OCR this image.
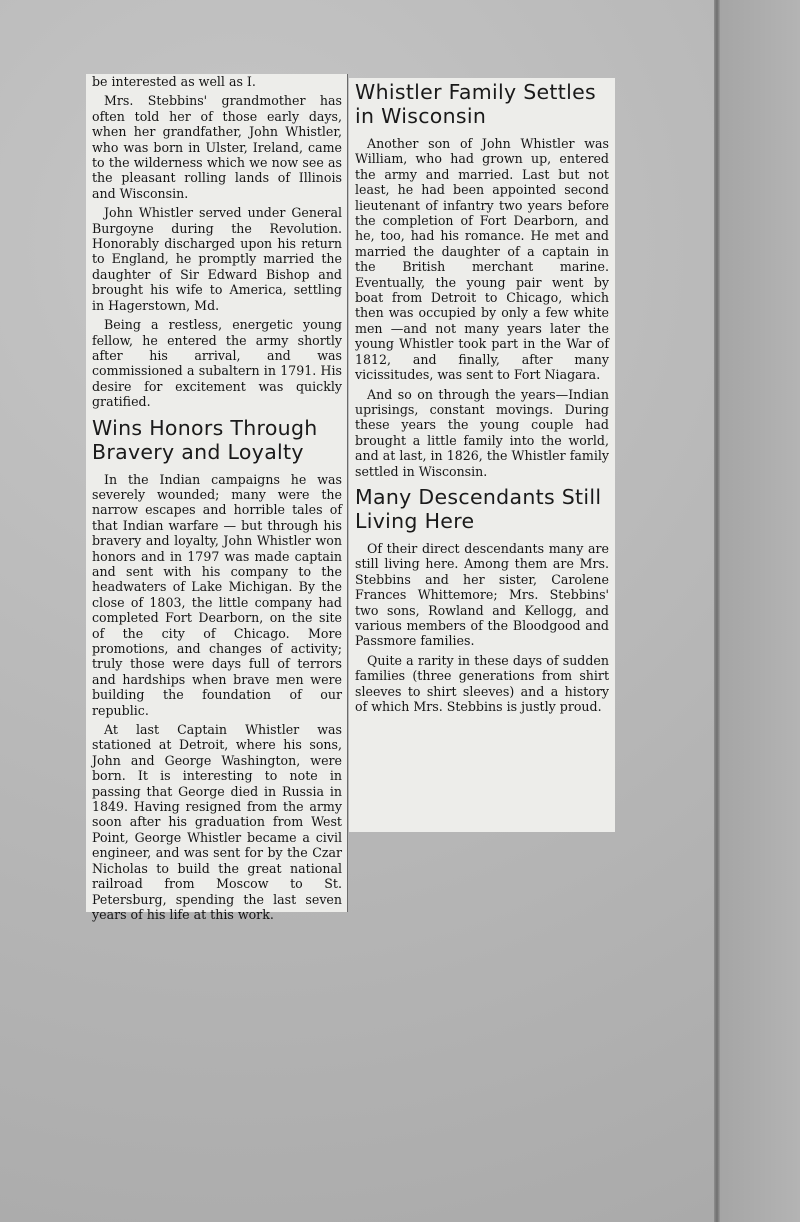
be interested as well as I.

Mrs. Stebbins' grandmother has often told her of those early days, when her grandfather, John Whistler, who was born in Ulster, Ireland, came to the wilderness which we now see as the pleasant rolling lands of Illinois and Wisconsin.

John Whistler served under General Burgoyne during the Revolution. Honorably discharged upon his return to England, he promptly married the daughter of Sir Edward Bishop and brought his wife to America, settling in Hagerstown, Md.

Being a restless, energetic young fellow, he entered the army shortly after his arrival, and was commissioned a subaltern in 1791. His desire for excitement was quickly gratified.

Wins Honors Through Bravery and Loyalty

In the Indian campaigns he was severely wounded; many were the narrow escapes and horrible tales of that Indian warfare — but through his bravery and loyalty, John Whistler won honors and in 1797 was made captain and sent with his company to the headwaters of Lake Michigan. By the close of 1803, the little company had completed Fort Dearborn, on the site of the city of Chicago. More promotions, and changes of activity; truly those were days full of terrors and hardships when brave men were building the foundation of our republic.

At last Captain Whistler was stationed at Detroit, where his sons, John and George Washington, were born. It is interesting to note in passing that George died in Russia in 1849. Having resigned from the army soon after his graduation from West Point, George Whistler became a civil engineer, and was sent for by the Czar Nicholas to build the great national railroad from Moscow to St. Petersburg, spending the last seven years of his life at this work.

Whistler Family Settles in Wisconsin

Another son of John Whistler was William, who had grown up, entered the army and married. Last but not least, he had been appointed second lieutenant of infantry two years before the completion of Fort Dearborn, and he, too, had his romance. He met and married the daughter of a captain in the British merchant marine. Eventually, the young pair went by boat from Detroit to Chicago, which then was occupied by only a few white men —and not many years later the young Whistler took part in the War of 1812, and finally, after many vicissitudes, was sent to Fort Niagara.

And so on through the years—Indian uprisings, constant movings. During these years the young couple had brought a little family into the world, and at last, in 1826, the Whistler family settled in Wisconsin.

Many Descendants Still Living Here

Of their direct descendants many are still living here. Among them are Mrs. Stebbins and her sister, Carolene Frances Whittemore; Mrs. Stebbins' two sons, Rowland and Kellogg, and various members of the Bloodgood and Passmore families.

Quite a rarity in these days of sudden families (three generations from shirt sleeves to shirt sleeves) and a history of which Mrs. Stebbins is justly proud.
